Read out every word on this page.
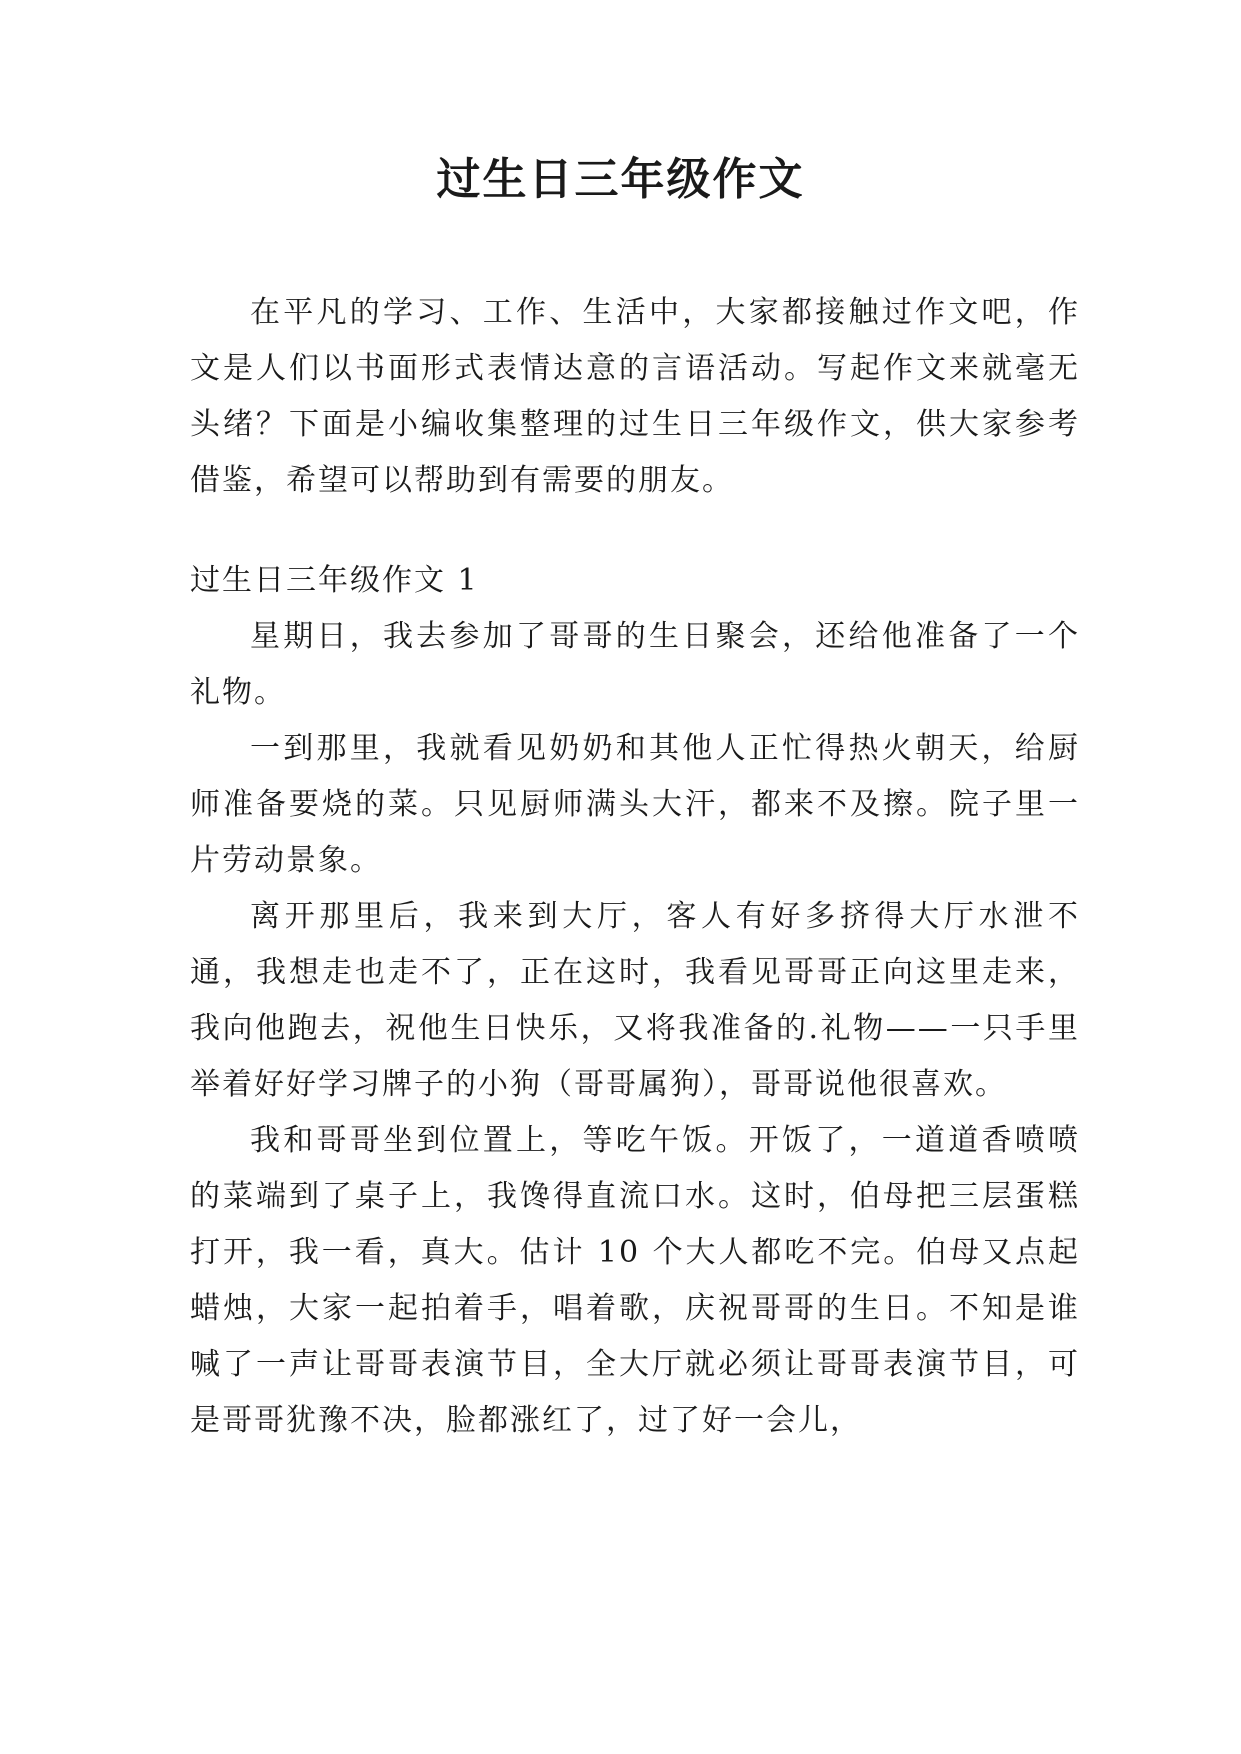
过生日三年级作文

在平凡的学习、工作、生活中，大家都接触过作文吧，作文是人们以书面形式表情达意的言语活动。写起作文来就毫无头绪？下面是小编收集整理的过生日三年级作文，供大家参考借鉴，希望可以帮助到有需要的朋友。

过生日三年级作文 1

星期日，我去参加了哥哥的生日聚会，还给他准备了一个礼物。

一到那里，我就看见奶奶和其他人正忙得热火朝天，给厨师准备要烧的菜。只见厨师满头大汗，都来不及擦。院子里一片劳动景象。

离开那里后，我来到大厅，客人有好多挤得大厅水泄不通，我想走也走不了，正在这时，我看见哥哥正向这里走来，我向他跑去，祝他生日快乐，又将我准备的.礼物——一只手里举着好好学习牌子的小狗（哥哥属狗），哥哥说他很喜欢。

我和哥哥坐到位置上，等吃午饭。开饭了，一道道香喷喷的菜端到了桌子上，我馋得直流口水。这时，伯母把三层蛋糕打开，我一看，真大。估计 10 个大人都吃不完。伯母又点起蜡烛，大家一起拍着手，唱着歌，庆祝哥哥的生日。不知是谁喊了一声让哥哥表演节目，全大厅就必须让哥哥表演节目，可是哥哥犹豫不决，脸都涨红了，过了好一会儿，
